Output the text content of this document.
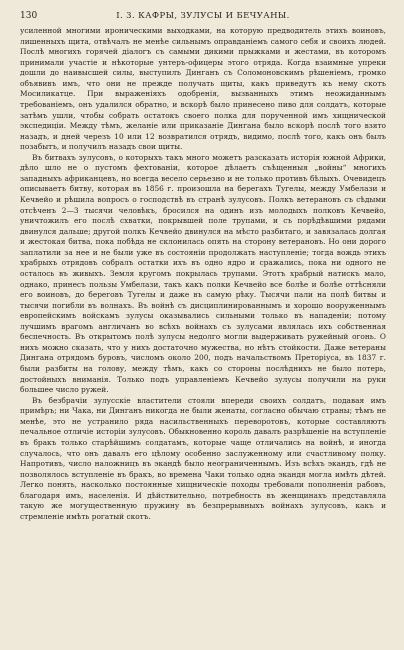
130	I. 3. КАФРЫ, ЗУЛУСЫ И БЕЧУАНЫ.

усиленной многими ироническими выходками, на которую предводитель этихъ воиновъ, лишенныхъ щита, отвѣчалъ не менѣе сильнымъ оправданіемъ самого себя и своихъ людей. Послѣ многихъ горячей діалогъ съ самыми дикими прыжками и жестами, въ которомъ принимали участіе и нѣкоторые унтеръ-офицеры этого отряда. Когда взаимные упреки дошли до наивысшей силы, выступилъ Динганъ съ Соломоновскимъ рѣшеніемъ, громко объявивъ имъ, что они не прежде получать щиты, какъ приведутъ къ нему скотъ Мосиликатце. При выраженіяхъ одобренія, вызванныхъ этимъ неожиданнымъ требованіемъ, онъ удалился обратно, и вскорѣ было принесено пиво для солдатъ, которые затѣмъ ушли, чтобы собрать остатокъ своего полка для порученной имъ хищнической экспедиціи. Между тѣмъ, желаніе или приказаніе Дингана было вскорѣ послѣ того взято назадъ, и дней черезъ 10 или 12 возвратился отрядъ, видимо, послѣ того, какъ онъ былъ позабытъ, и получилъ назадъ свои щиты.

Въ битвахъ зулусовъ, о которыхъ такъ много можетъ разсказать исторія южной Африки, дѣло шло не о пустомъ фехтованіи, которое дѣлаетъ съѣщенныя „войны“ многихъ западныхъ африканцевъ, но всегда весело серьезно и не только противъ бѣлыхъ. Очевидецъ описываетъ битву, которая въ 1856 г. произошла на берегахъ Тугелы, между Умбелази и Кечвейо и рѣшила вопросъ о господствѣ въ странѣ зулусовъ. Полкъ ветерановъ съ сѣдыми отсѣченъ 2—3 тысячи человѣкъ, бросился на одинъ изъ молодыхъ полковъ Кечвейо, уничтожилъ его послѣ схватки, покрывшей поле трупами, и съ порѣдѣвшими рядами двинулся дальше; другой полкъ Кечвейо двинулся на мѣсто разбитаго, и завязалась долгая и жестокая битва, пока побѣда не склонилась опять на сторону ветерановъ. Но они дорого заплатили за нее и не были уже въ состояніи продолжать наступленіе; тогда вождь этихъ храбрыхъ отрядовъ собралъ остатки ихъ въ одно ядро и сражались, пока ни одного не осталось въ живыхъ. Земля кругомъ покрылась трупами. Этотъ храбрый натискъ мало, однако, принесъ пользы Умбелази, такъ какъ полки Кечвейо все болѣе и болѣе оттѣсняли его воиновъ, до береговъ Тугелы и даже въ самую рѣку. Тысячи пали на полѣ битвы и тысячи погибли въ волнахъ. Въ войнѣ съ дисциплинированнымъ и хорошо вооруженнымъ европейскимъ войскамъ зулусы оказывались сильными только въ нападеніи; потому лучшимъ врагомъ англичанъ во всѣхъ войнахъ съ зулусами являлась ихъ собственная беспечность. Въ открытомъ полѣ зулусы недолго могли выдерживать ружейный огонь. О нихъ можно сказать, что у нихъ достаточно мужества, но нѣтъ стойкости. Даже ветераны Дингана отрядомъ буровъ, числомъ около 200, подъ начальствомъ Преторіуса, въ 1837 г. были разбиты на голову, между тѣмъ, какъ со стороны послѣднихъ не было потерь, достойныхъ вниманія. Только подъ управленіемъ Кечвейо зулусы получили на руки большее число ружей.

Въ безбрачіи зулусскіе властители стояли впереди своихъ солдатъ, подавая имъ примѣръ; ни Чака, ни Динганъ никогда не были женаты, согласно обычаю страны; тѣмъ не менѣе, это не устранило ряда насильственныхъ переворотовъ, которые составляютъ печальное отличіе исторіи зулусовъ. Обыкновенно король давалъ разрѣшеніе на вступленіе въ бракъ только старѣйшимъ солдатамъ, которые чаще отличались на войнѣ, и иногда случалось, что онъ давалъ его цѣлому особенно заслуженному или счастливому полку. Напротивъ, число наложницъ въ экандѣ было неограниченнымъ. Изъ всѣхъ экандъ, гдѣ не позволялось вступленіе въ бракъ, во времена Чаки только одна экандя могла имѣть дѣтей. Легко понять, насколько постоянные хищническіе походы требовали пополненія рабовъ, благодаря имъ, населенія. И дѣйствительно, потребность въ женщинахъ представляла такую же могущественную пружину въ безпрерывныхъ войнахъ зулусовъ, какъ и стремленіе имѣть рогатый скотъ.
